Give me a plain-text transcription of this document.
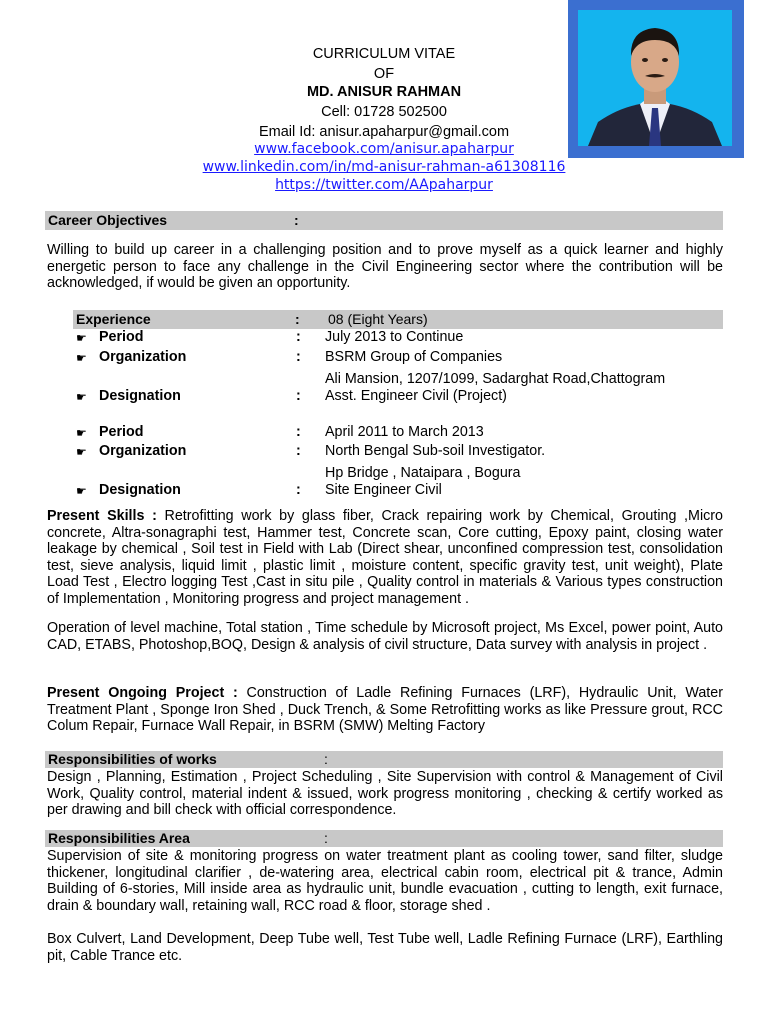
CURRICULUM VITAE
OF
MD. ANISUR RAHMAN
Cell: 01728 502500
Email Id: anisur.apaharpur@gmail.com
www.facebook.com/anisur.apaharpur
www.linkedin.com/in/md-anisur-rahman-a61308116
https://twitter.com/AApaharpur
Career Objectives	:
Willing to build up career in a challenging position and to prove myself as a quick learner and highly energetic person to face any challenge in the Civil Engineering sector where the contribution will be acknowledged, if would be given an opportunity.
Experience	: 08 (Eight Years)
☛ Period	: July 2013 to Continue
☛ Organization	: BSRM Group of Companies
Ali Mansion, 1207/1099, Sadarghat Road,Chattogram
☛ Designation	: Asst. Engineer Civil (Project)
☛ Period	: April 2011 to March 2013
☛ Organization	: North Bengal Sub-soil Investigator.
Hp Bridge , Nataipara , Bogura
☛ Designation	: Site Engineer Civil
Present Skills : Retrofitting work by glass fiber, Crack repairing work by Chemical, Grouting ,Micro concrete, Altra-sonagraphi test, Hammer test, Concrete scan, Core cutting, Epoxy paint, closing water leakage by chemical , Soil test in Field with Lab (Direct shear, unconfined compression test, consolidation test, sieve analysis, liquid limit , plastic limit , moisture content, specific gravity test, unit weight), Plate Load Test , Electro logging Test ,Cast in situ pile , Quality control in materials & Various types construction of Implementation , Monitoring progress and project management .
Operation of level machine, Total station , Time schedule by Microsoft project, Ms Excel, power point, Auto CAD, ETABS, Photoshop,BOQ, Design & analysis of civil structure, Data survey with analysis in project .
Present Ongoing Project : Construction of Ladle Refining Furnaces (LRF), Hydraulic Unit, Water Treatment Plant , Sponge Iron Shed , Duck Trench, & Some Retrofitting works as like Pressure grout, RCC Colum Repair, Furnace Wall Repair, in BSRM (SMW) Melting Factory
Responsibilities of works	:
Design , Planning, Estimation , Project Scheduling , Site Supervision with control & Management of Civil Work, Quality control, material indent & issued, work progress monitoring , checking & certify worked as per drawing and bill check with official correspondence.
Responsibilities Area	:
Supervision of site & monitoring progress on water treatment plant as cooling tower, sand filter, sludge thickener, longitudinal clarifier , de-watering area, electrical cabin room, electrical pit & trance, Admin Building of 6-stories, Mill inside area as hydraulic unit, bundle evacuation , cutting to length, exit furnace, drain & boundary wall, retaining wall, RCC road & floor, storage shed .
Box Culvert, Land Development, Deep Tube well, Test Tube well, Ladle Refining Furnace (LRF), Earthling pit, Cable Trance etc.
